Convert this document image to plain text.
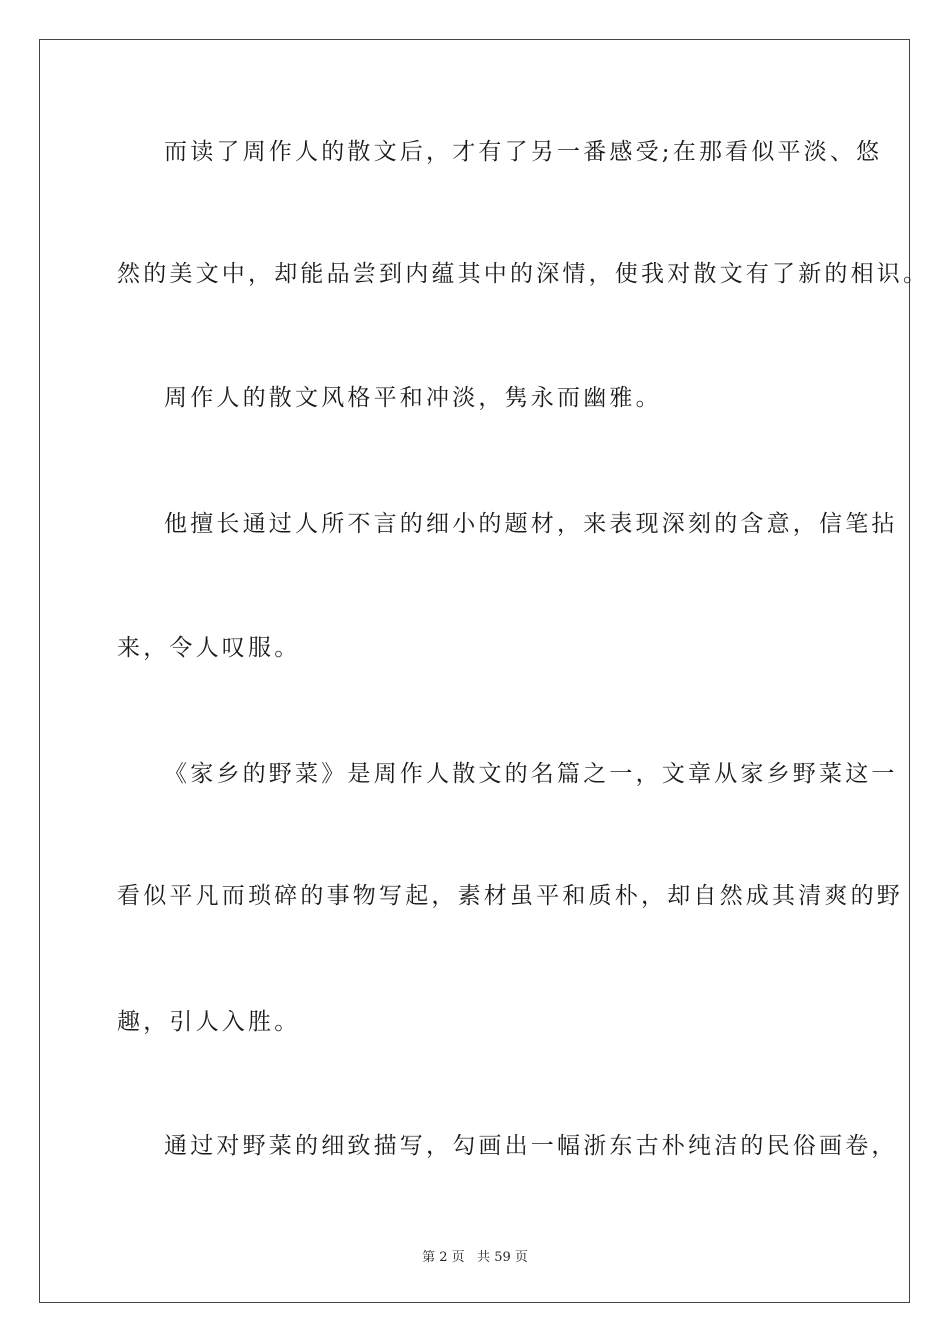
而读了周作人的散文后，才有了另一番感受;在那看似平淡、悠
然的美文中，却能品尝到内蕴其中的深情，使我对散文有了新的相识。
周作人的散文风格平和冲淡，隽永而幽雅。
他擅长通过人所不言的细小的题材，来表现深刻的含意，信笔拈
来，令人叹服。
《家乡的野菜》是周作人散文的名篇之一，文章从家乡野菜这一
看似平凡而琐碎的事物写起，素材虽平和质朴，却自然成其清爽的野
趣，引人入胜。
通过对野菜的细致描写，勾画出一幅浙东古朴纯洁的民俗画卷，
第 2 页   共 59 页
